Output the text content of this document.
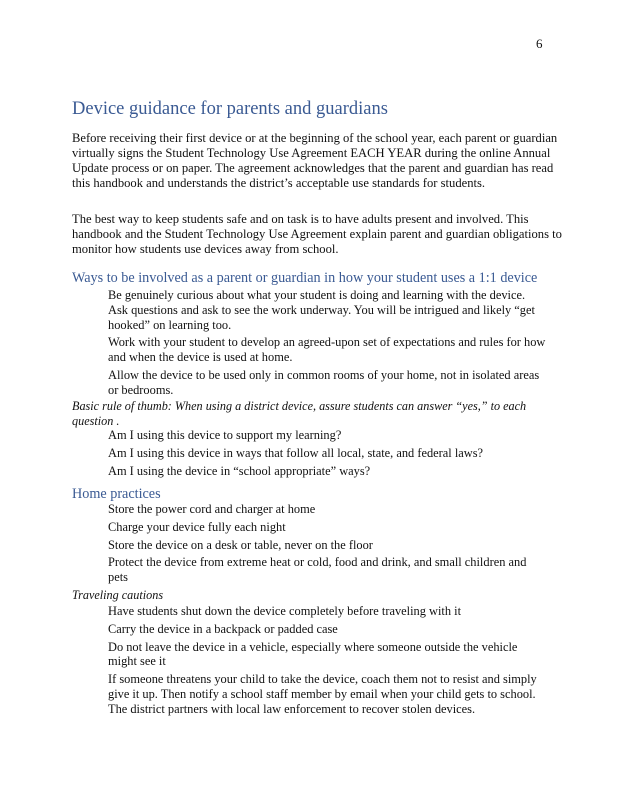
6
Device guidance for parents and guardians

Before receiving their first device or at the beginning of the school year, each parent or guardian virtually signs the Student Technology Use Agreement EACH YEAR during the online Annual Update process or on paper. The agreement acknowledges that the parent and guardian has read this handbook and understands the district’s acceptable use standards for students.

The best way to keep students safe and on task is to have adults present and involved. This handbook and the Student Technology Use Agreement explain parent and guardian obligations to monitor how students use devices away from school.

Ways to be involved as a parent or guardian in how your student uses a 1:1 device
Be genuinely curious about what your student is doing and learning with the device. Ask questions and ask to see the work underway. You will be intrigued and likely “get hooked” on learning too.
Work with your student to develop an agreed-upon set of expectations and rules for how and when the device is used at home.
Allow the device to be used only in common rooms of your home, not in isolated areas or bedrooms.

Basic rule of thumb: When using a district device, assure students can answer “yes,” to each question .

Am I using this device to support my learning?
Am I using this device in ways that follow all local, state, and federal laws?
Am I using the device in “school appropriate” ways?
Home practices
Store the power cord and charger at home
Charge your device fully each night
Store the device on a desk or table, never on the floor
Protect the device from extreme heat or cold, food and drink, and small children and pets

Traveling cautions

Have students shut down the device completely before traveling with it
Carry the device in a backpack or padded case
Do not leave the device in a vehicle, especially where someone outside the vehicle might see it
If someone threatens your child to take the device, coach them not to resist and simply give it up. Then notify a school staff member by email when your child gets to school. The district partners with local law enforcement to recover stolen devices.
